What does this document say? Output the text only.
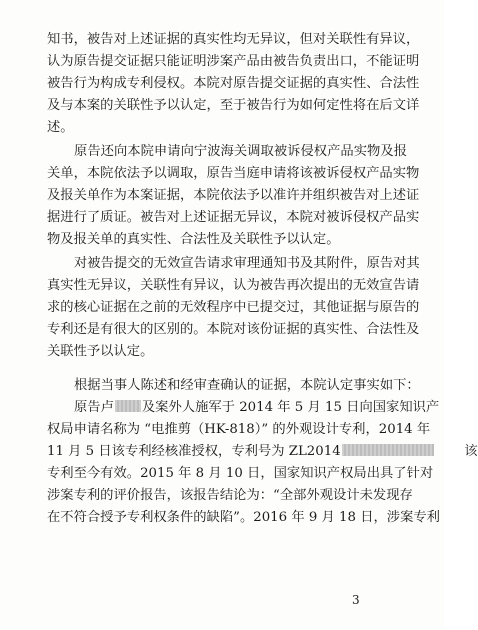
知书，被告对上述证据的真实性均无异议，但对关联性有异议，
认为原告提交证据只能证明涉案产品由被告负责出口，不能证明
被告行为构成专利侵权。本院对原告提交证据的真实性、合法性
及与本案的关联性予以认定，至于被告行为如何定性将在后文详
述。
原告还向本院申请向宁波海关调取被诉侵权产品实物及报
关单，本院依法予以调取，原告当庭申请将该被诉侵权产品实物
及报关单作为本案证据，本院依法予以准许并组织被告对上述证
据进行了质证。被告对上述证据无异议，本院对被诉侵权产品实
物及报关单的真实性、合法性及关联性予以认定。
对被告提交的无效宣告请求审理通知书及其附件，原告对其
真实性无异议，关联性有异议，认为被告再次提出的无效宣告请
求的核心证据在之前的无效程序中已提交过，其他证据与原告的
专利还是有很大的区别的。本院对该份证据的真实性、合法性及
关联性予以认定。
根据当事人陈述和经审查确认的证据，本院认定事实如下：
原告卢 及案外人施军于 2014 年 5 月 15 日向国家知识产
权局申请名称为 “电推剪（HK-818）” 的外观设计专利，2014 年
11 月 5 日该专利经核准授权，专利号为 ZL2014	该
专利至今有效。2015 年 8 月 10 日，国家知识产权局出具了针对
涉案专利的评价报告，该报告结论为：“全部外观设计未发现存
在不符合授予专利权条件的缺陷”。2016 年 9 月 18 日，涉案专利
3
